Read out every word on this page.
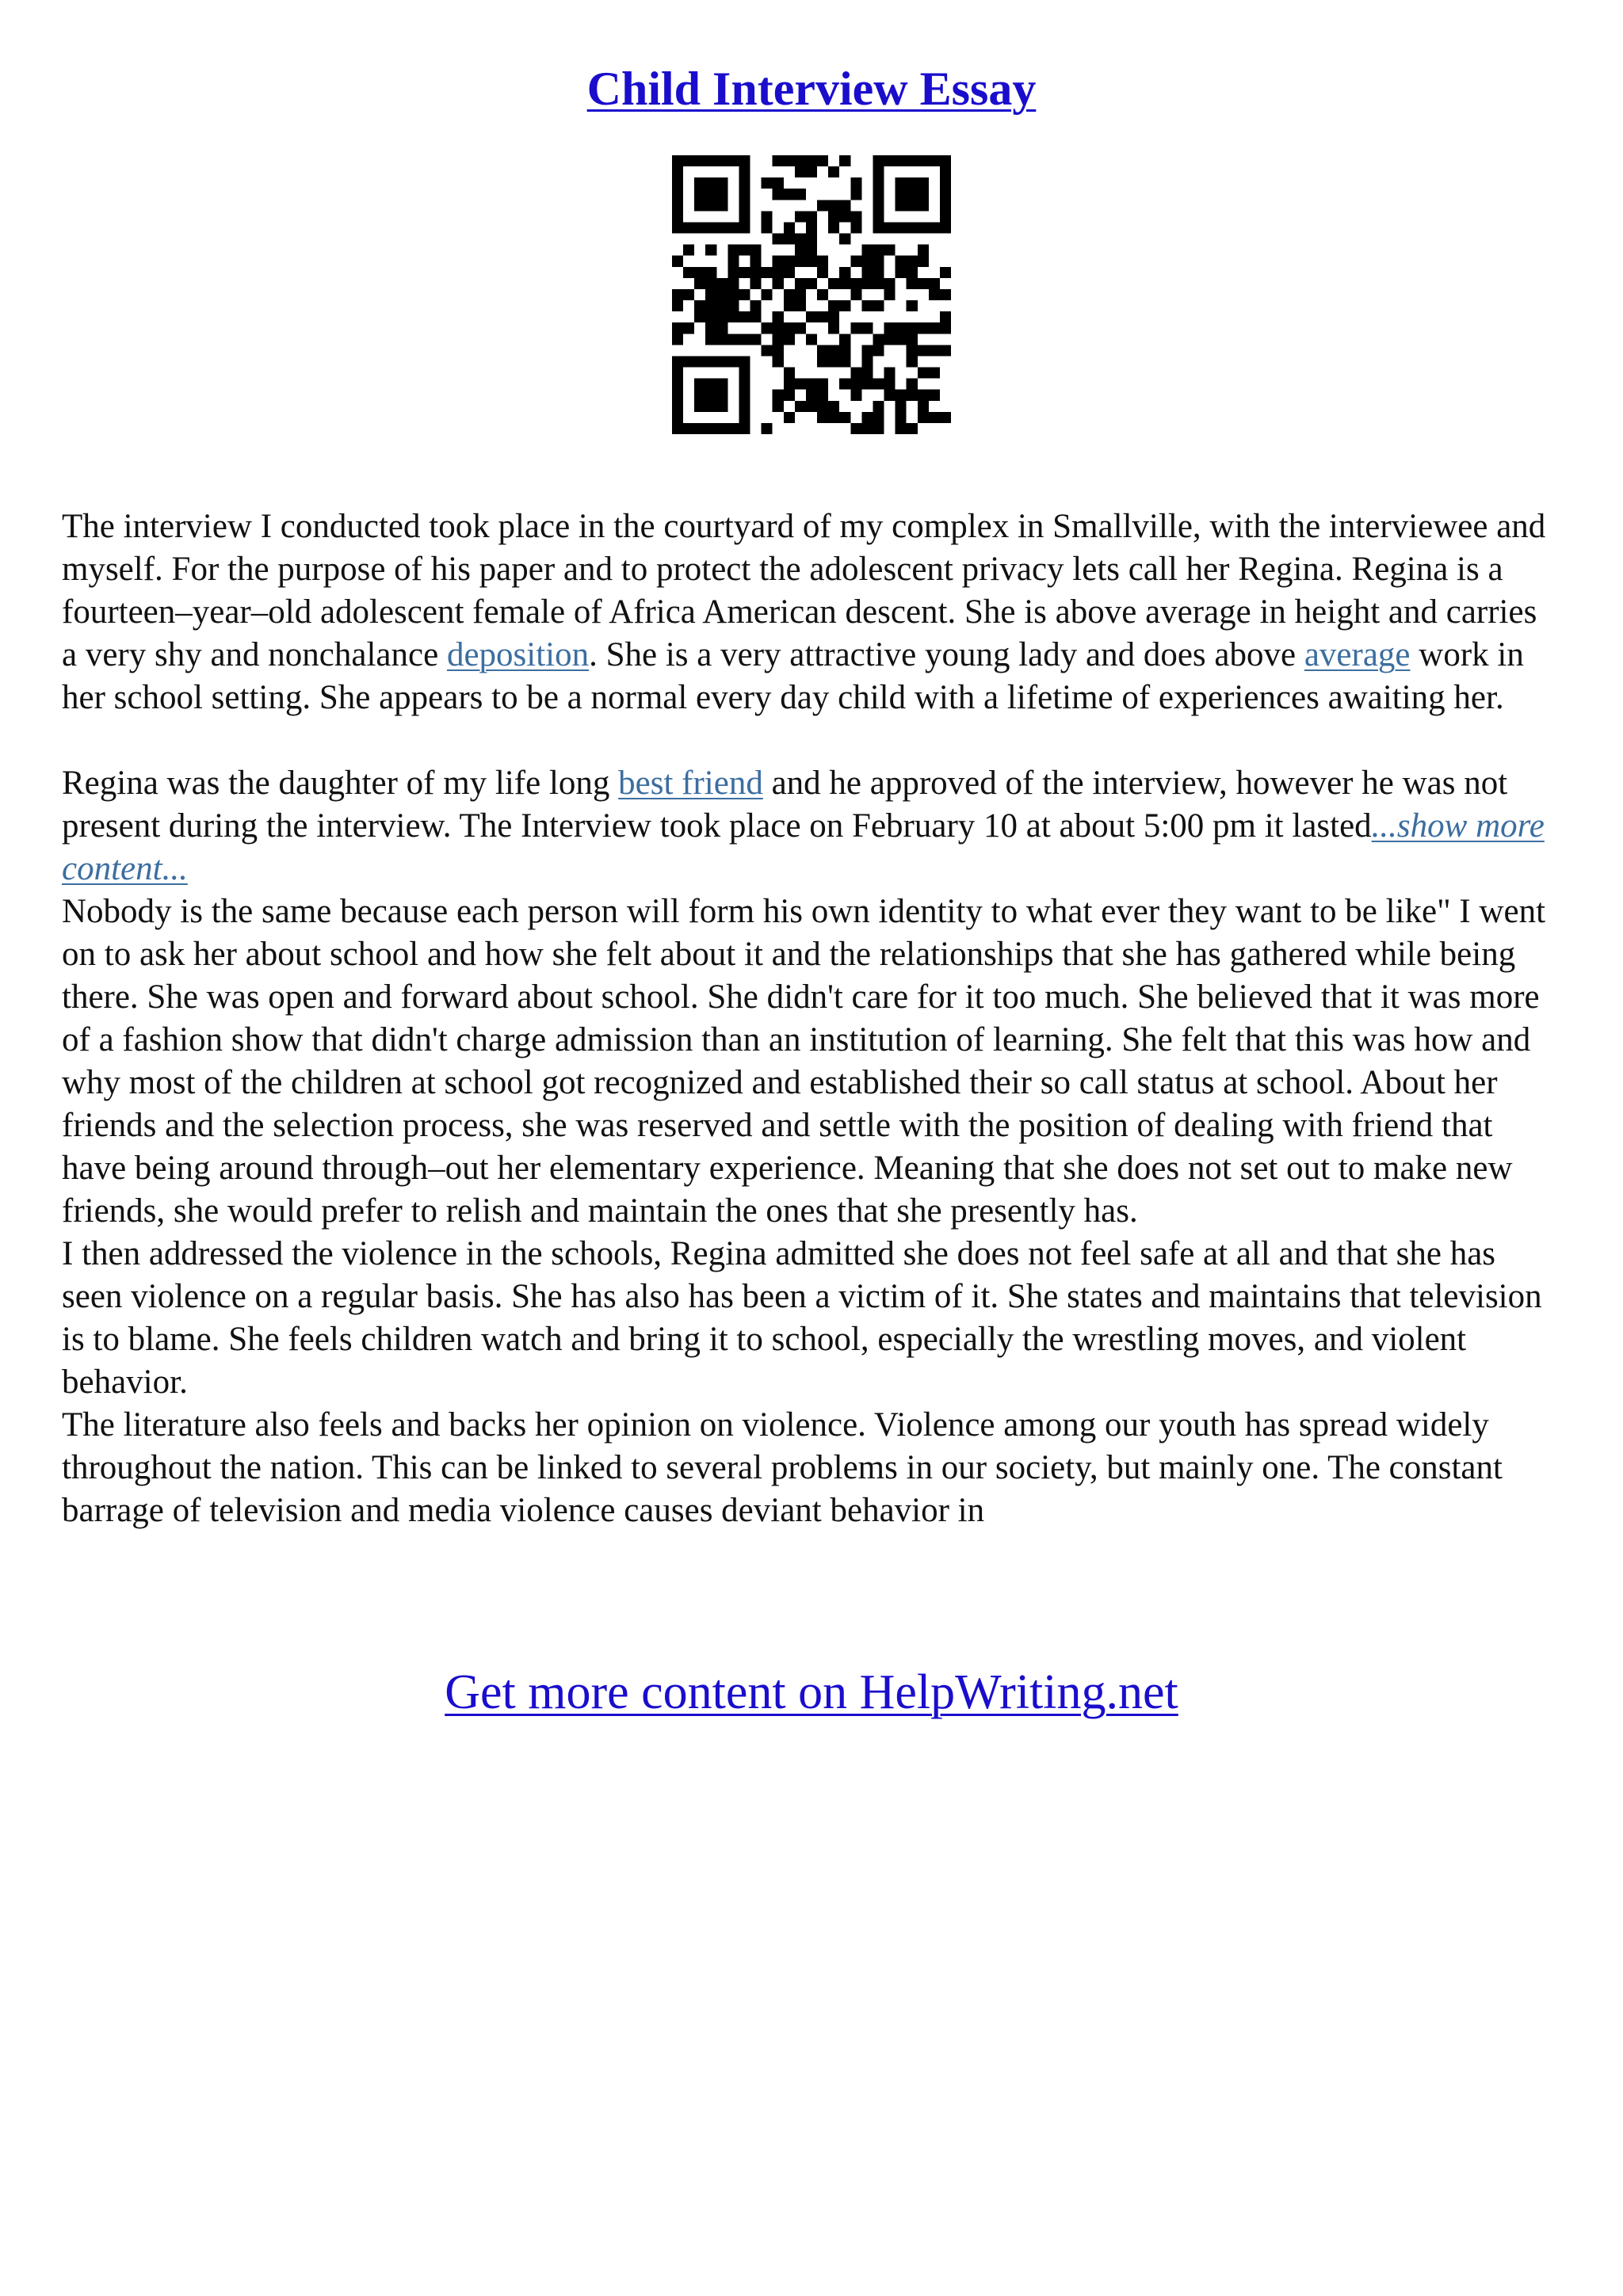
Child Interview Essay

The interview I conducted took place in the courtyard of my complex in Smallville, with the interviewee and myself. For the purpose of his paper and to protect the adolescent privacy lets call her Regina. Regina is a fourteen–year–old adolescent female of Africa American descent. She is above average in height and carries a very shy and nonchalance deposition. She is a very attractive young lady and does above average work in her school setting. She appears to be a normal every day child with a lifetime of experiences awaiting her.

Regina was the daughter of my life long best friend and he approved of the interview, however he was not present during the interview. The Interview took place on February 10 at about 5:00 pm it lasted...show more content...

Nobody is the same because each person will form his own identity to what ever they want to be like" I went on to ask her about school and how she felt about it and the relationships that she has gathered while being there. She was open and forward about school. She didn't care for it too much. She believed that it was more of a fashion show that didn't charge admission than an institution of learning. She felt that this was how and why most of the children at school got recognized and established their so call status at school. About her friends and the selection process, she was reserved and settle with the position of dealing with friend that have being around through–out her elementary experience. Meaning that she does not set out to make new friends, she would prefer to relish and maintain the ones that she presently has.

I then addressed the violence in the schools, Regina admitted she does not feel safe at all and that she has seen violence on a regular basis. She has also has been a victim of it. She states and maintains that television is to blame. She feels children watch and bring it to school, especially the wrestling moves, and violent behavior.

The literature also feels and backs her opinion on violence. Violence among our youth has spread widely throughout the nation. This can be linked to several problems in our society, but mainly one. The constant barrage of television and media violence causes deviant behavior in

Get more content on HelpWriting.net
